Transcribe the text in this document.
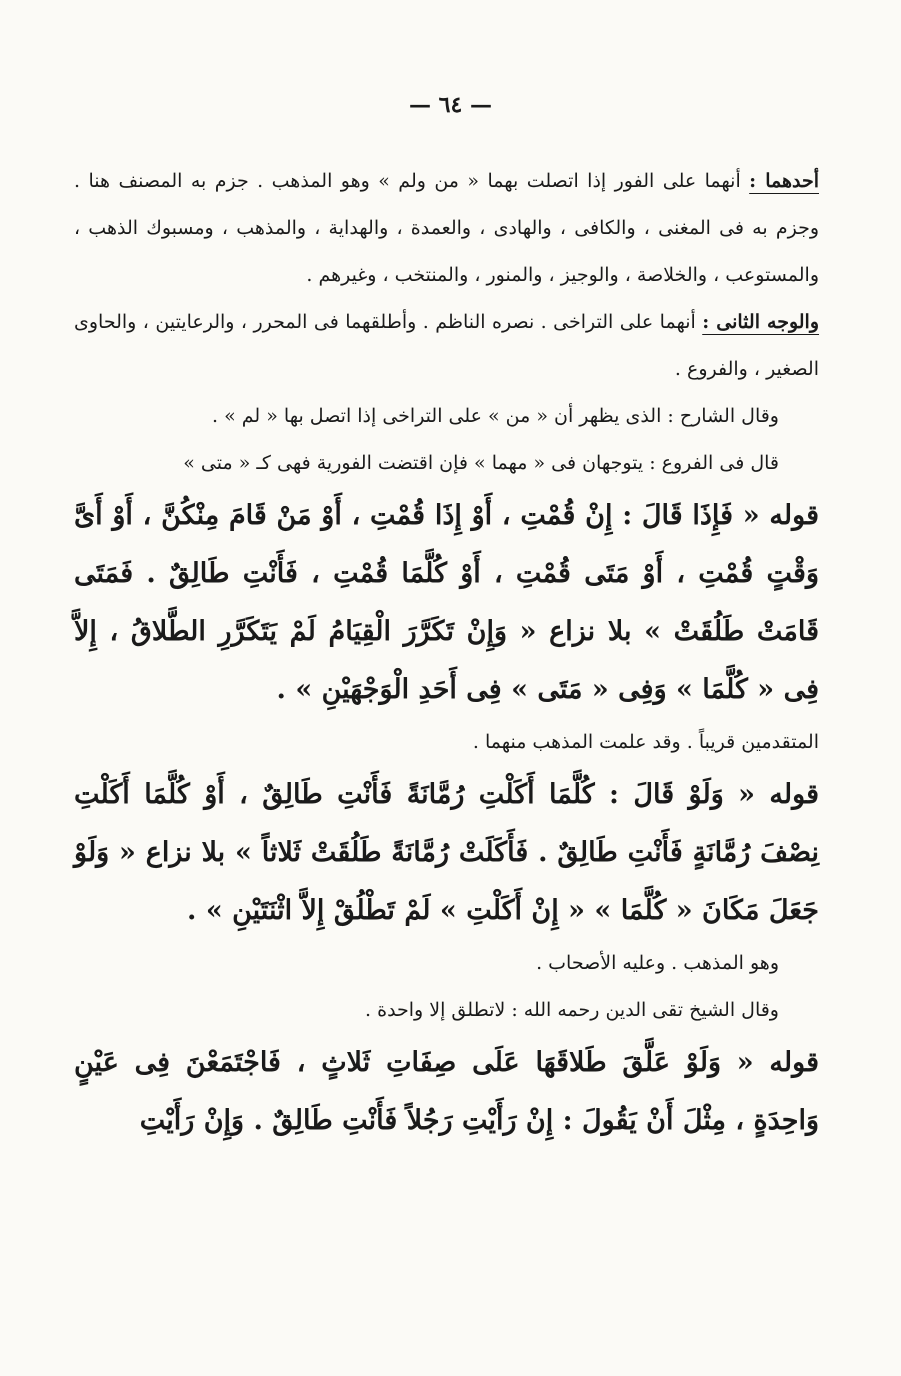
— ٦٤ —

أحدهما : أنهما على الفور إذا اتصلت بهما « من ولم » وهو المذهب . جزم به المصنف هنا . وجزم به فى المغنى ، والكافى ، والهادى ، والعمدة ، والهداية ، والمذهب ، ومسبوك الذهب ، والمستوعب ، والخلاصة ، والوجيز ، والمنور ، والمنتخب ، وغيرهم .

والوجه الثانى : أنهما على التراخى . نصره الناظم . وأطلقهما فى المحرر ، والرعايتين ، والحاوى الصغير ، والفروع .

وقال الشارح : الذى يظهر أن « من » على التراخى إذا اتصل بها « لم » .

قال فى الفروع : يتوجهان فى « مهما » فإن اقتضت الفورية فهى كـ « متى »

قوله « فَإِذَا قَالَ : إِنْ قُمْتِ ، أَوْ إِذَا قُمْتِ ، أَوْ مَنْ قَامَ مِنْكُنَّ ، أَوْ أَىَّ وَقْتٍ قُمْتِ ، أَوْ مَتَى قُمْتِ ، أَوْ كُلَّمَا قُمْتِ ، فَأَنْتِ طَالِقٌ . فَمَتَى قَامَتْ طَلُقَتْ » بلا نزاع « وَإِنْ تَكَرَّرَ الْقِيَامُ لَمْ يَتَكَرَّرِ الطَّلاقُ ، إِلاَّ فِى « كُلَّمَا » وَفِى « مَتَى » فِى أَحَدِ الْوَجْهَيْنِ » .

المتقدمين قريباً . وقد علمت المذهب منهما .

قوله « وَلَوْ قَالَ : كُلَّمَا أَكَلْتِ رُمَّانَةً فَأَنْتِ طَالِقٌ ، أَوْ كُلَّمَا أَكَلْتِ نِصْفَ رُمَّانَةٍ فَأَنْتِ طَالِقٌ . فَأَكَلَتْ رُمَّانَةً طَلُقَتْ ثَلاثاً » بلا نزاع « وَلَوْ جَعَلَ مَكَانَ « كُلَّمَا » « إِنْ أَكَلْتِ » لَمْ تَطْلُقْ إِلاَّ اثْنَتَيْنِ » .

وهو المذهب . وعليه الأصحاب .

وقال الشيخ تقى الدين رحمه الله : لاتطلق إلا واحدة .

قوله « وَلَوْ عَلَّقَ طَلاقَهَا عَلَى صِفَاتِ ثَلاثٍ ، فَاجْتَمَعْنَ فِى عَيْنٍ وَاحِدَةٍ ، مِثْلَ أَنْ يَقُولَ : إِنْ رَأَيْتِ رَجُلاً فَأَنْتِ طَالِقٌ . وَإِنْ رَأَيْتِ
